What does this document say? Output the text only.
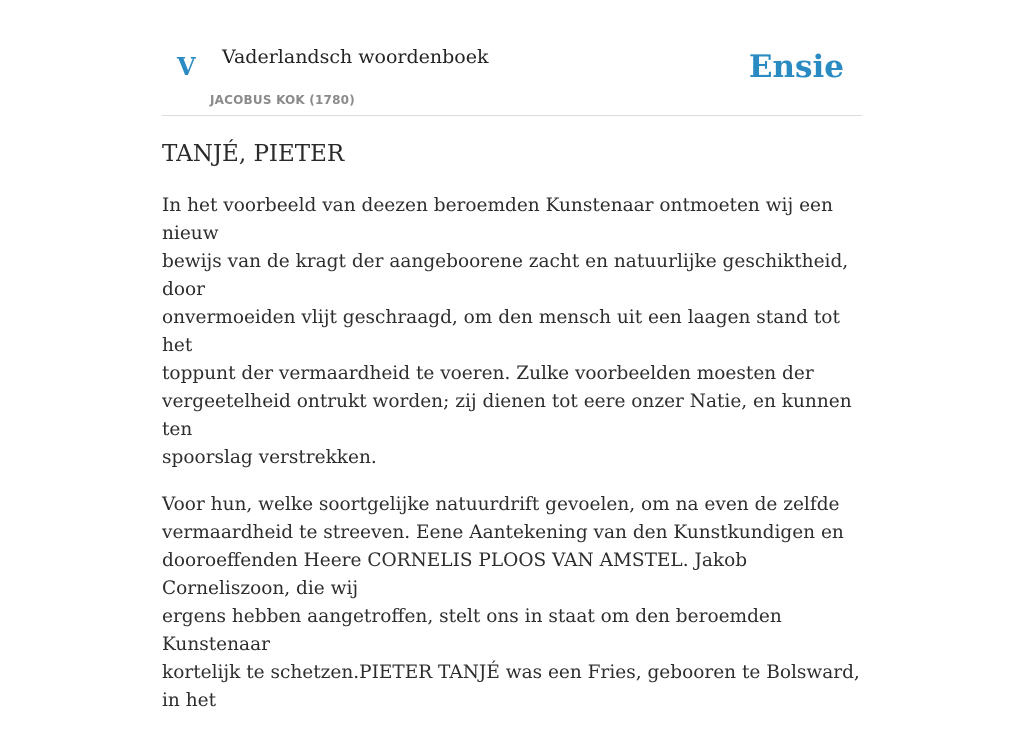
V Vaderlandsch woordenboek
JACOBUS KOK (1780)
Ensie
TANJÉ, PIETER

In het voorbeeld van deezen beroemden Kunstenaar ontmoeten wij een nieuw
bewijs van de kragt der aangeboorene zacht en natuurlijke geschiktheid, door
onvermoeiden vlijt geschraagd, om den mensch uit een laagen stand tot het
toppunt der vermaardheid te voeren. Zulke voorbeelden moesten der
vergeetelheid ontrukt worden; zij dienen tot eere onzer Natie, en kunnen ten
spoorslag verstrekken.

Voor hun, welke soortgelijke natuurdrift gevoelen, om na even de zelfde
vermaardheid te streeven. Eene Aantekening van den Kunstkundigen en
dooroeffenden Heere CORNELIS PLOOS VAN AMSTEL. Jakob Corneliszoon, die wij
ergens hebben aangetroffen, stelt ons in staat om den beroemden Kunstenaar
kortelijk te schetzen.PIETER TANJÉ was een Fries, gebooren te Bolsward, in het
